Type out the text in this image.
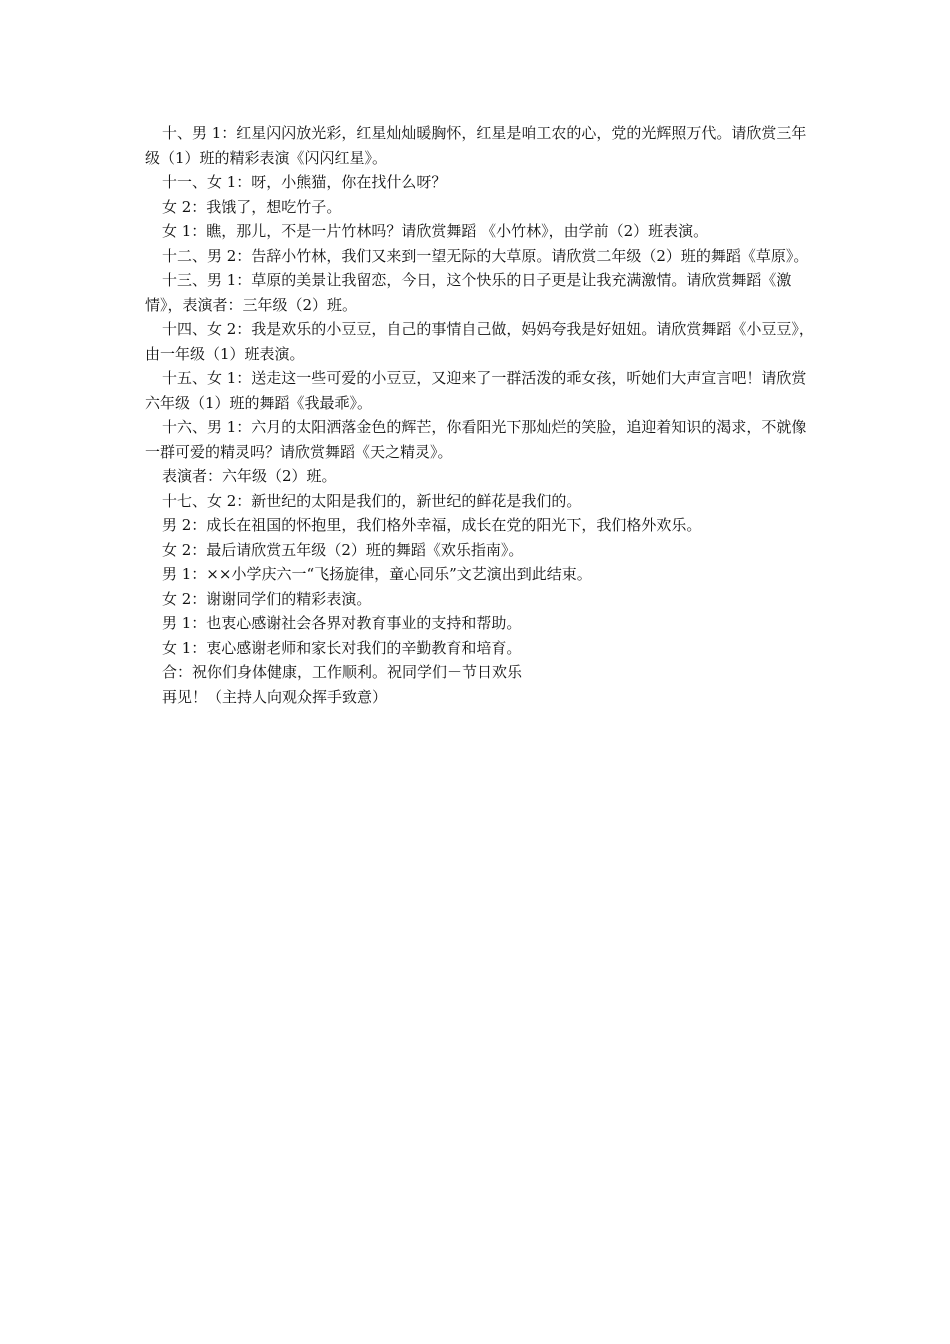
十、男 1：红星闪闪放光彩，红星灿灿暖胸怀，红星是咱工农的心，党的光辉照万代。请欣赏三年级（1）班的精彩表演《闪闪红星》。

十一、女 1：呀，小熊猫，你在找什么呀？

女 2：我饿了，想吃竹子。

女 1：瞧，那儿，不是一片竹林吗？请欣赏舞蹈 《小竹林》，由学前（2）班表演。

十二、男 2：告辞小竹林，我们又来到一望无际的大草原。请欣赏二年级（2）班的舞蹈《草原》。

十三、男 1：草原的美景让我留恋，今日，这个快乐的日子更是让我充满激情。请欣赏舞蹈《激情》，表演者：三年级（2）班。

十四、女 2：我是欢乐的小豆豆，自己的事情自己做，妈妈夸我是好妞妞。请欣赏舞蹈《小豆豆》，由一年级（1）班表演。

十五、女 1：送走这一些可爱的小豆豆，又迎来了一群活泼的乖女孩，听她们大声宣言吧！请欣赏六年级（1）班的舞蹈《我最乖》。

十六、男 1：六月的太阳洒落金色的辉芒，你看阳光下那灿烂的笑脸，追迎着知识的渴求，不就像一群可爱的精灵吗？请欣赏舞蹈《天之精灵》。

表演者：六年级（2）班。

十七、女 2：新世纪的太阳是我们的，新世纪的鲜花是我们的。

男 2：成长在祖国的怀抱里，我们格外幸福，成长在党的阳光下，我们格外欢乐。

女 2：最后请欣赏五年级（2）班的舞蹈《欢乐指南》。

男 1：××小学庆六一“飞扬旋律，童心同乐”文艺演出到此结束。

女 2：谢谢同学们的精彩表演。

男 1：也衷心感谢社会各界对教育事业的支持和帮助。

女 1：衷心感谢老师和家长对我们的辛勤教育和培育。

合：祝你们身体健康，工作顺利。祝同学们－节日欢乐

再见！（主持人向观众挥手致意）
